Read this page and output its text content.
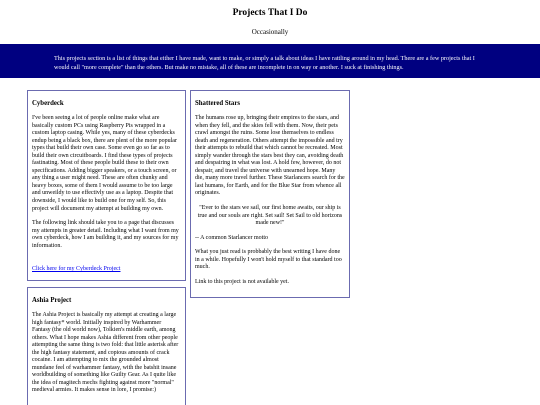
Projects That I Do
Occasionally
This projects section is a list of things that either I have made, want to make, or simply a talk about ideas I have rattling around in my head. There are a few projects that I would call "more complete" than the others. But make no mistake, all of these are incomplete in on way or another. I suck at finishing things.
Cyberdeck

I've been seeing a lot of people online make what are basically custom PCs using Raspberry Pis wrapped in a custom laptop casing. While yes, many of these cyberdecks endup being a black box, there are plent of the more popular types that build their own case. Some even go so far as to build their own circuitboards. I find these types of projects fastinating. Most of these people build these to their own specifications. Adding bigger speakers, or a touch screen, or any thing a user might need. These are often chunky and heavy boxes, some of them I would assume to be too large and unweildy to use effectivly use as a laptop. Despite that downside, I would like to build one for my self. So, this project will document my attempt at building my own.

The following link should take you to a page that discusses my attempts in greater detail. Including what I want from my own cyberdeck, how I am building it, and my sources for my information.

Click here for my Cyberdeck Project
Ashia Project

The Ashia Project is basically my attempt at creating a large high fantasy* world. Initially inspired by Warhammer Fantasy (the old world now), Tolkien's middle earth, among others. What I hope makes Ashia different from other people attempting the same thing is two fold: that little asterisk after the high fantasy statement, and copious amounts of crack cocaine. I am attempting to mix the grounded almost mundane feel of warhammer fantasy, with the batshit insane worldbuilding of something like Guilty Gear. As I quite like the idea of magitech mechs fighting against more "normal" medieval armies. It makes sense in lore, I promise:)

Shattered Stars

The humans rose up, bringing their empires to the stars, and when they fell, and the skies fell with them. Now, their pets crawl amongst the ruins. Some lose themselves to endless death and regeneration. Others attempt the impossible and try their attempts to rebuild that which cannot be recreated. Most simply wander through the stars best they can, avoiding death and despairing in what was lost. A hold few, however, do not despair, and travel the universe with unearned hope. Many die, many more travel further. These Starlancers search for the last humans, for Earth, and for the Blue Star from whence all originates.

"Ever to the stars we sail, our first home awaits, our ship is true and our souls are right. Set sail! Set Sail to old horizons made new!"

-- A common Starlancer motto

What you just read is probbably the best writing I have done in a while. Hopefully I won't hold myself to that standard too much.

Link to this project is not available yet.
